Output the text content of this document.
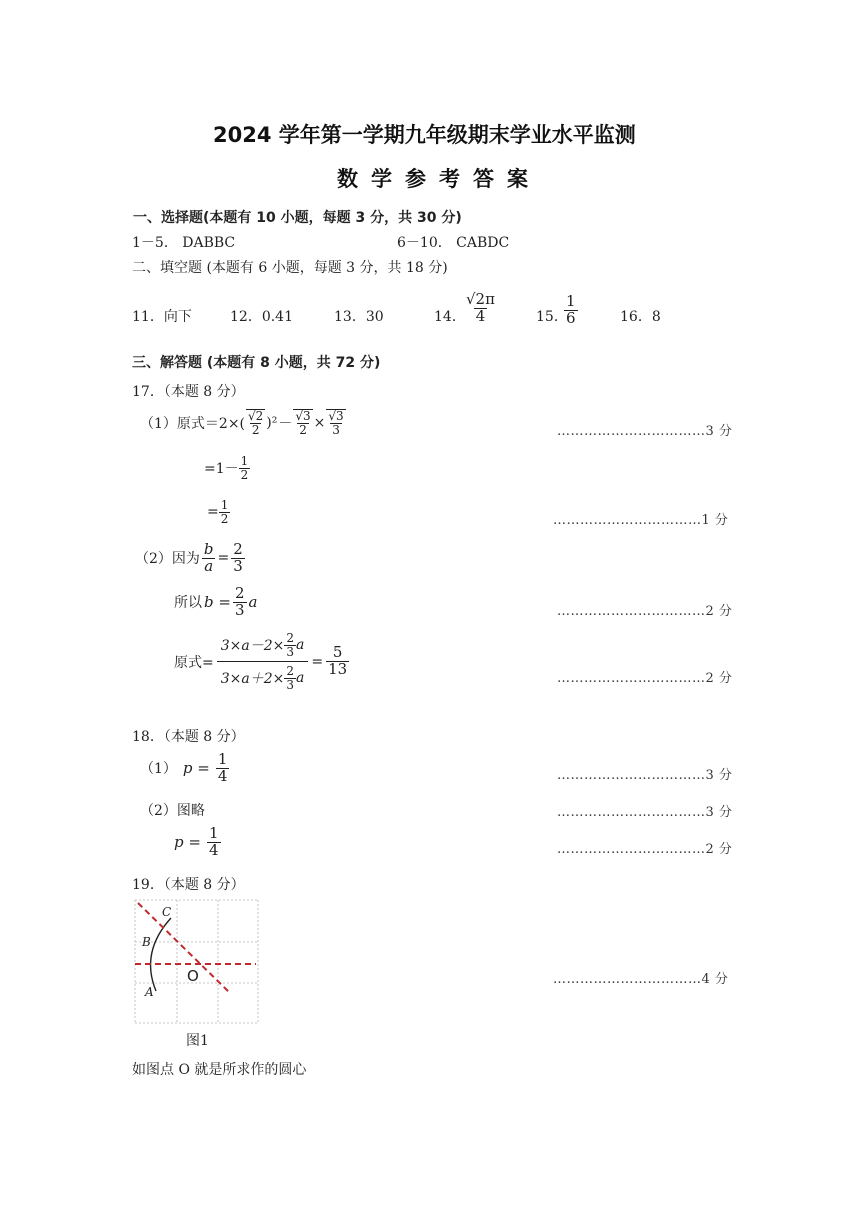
2024 学年第一学期九年级期末学业水平监测
数学参考答案
一、选择题(本题有 10 小题，每题 3 分，共 30 分)
1－5． DABBC	6－10． CABDC
二、填空题 (本题有 6 小题，每题 3 分，共 18 分)
11．向下	12．0.41	13．30	14．
$\frac{√2\pi}{4}$	15．
$\frac{1}{6}$	16．8
三、解答题 (本题有 8 小题，共 72 分)
17．（本题 8 分）
（1）原式$=2\times( \frac{√2}{2} )^2 - \frac{√3}{2} \times \frac{√3}{3}$	……………………………3 分
$=1- \frac{1}{2}$
= $\frac{1}{2}$	……………………………1 分
（2）因为 $\frac{b}{a} = \frac{2}{3}$
所以 $b = \frac{2}{3}$ a
……………………………2 分
原式= $\frac{3\times a-2\times \frac{2}{3} a}{3\times a+2\times \frac{2}{3} a} = \frac{5}{13}$
……………………………2 分
18．（本题 8 分）
（1） $p = \frac{1}{4}$	……………………………3 分
（2）图略	……………………………3 分
$p = \frac{1}{4}$	……………………………2 分
19．（本题 8 分）
C
B
A
O	……………………………4 分
图1
如图点 O 就是所求作的圆心
